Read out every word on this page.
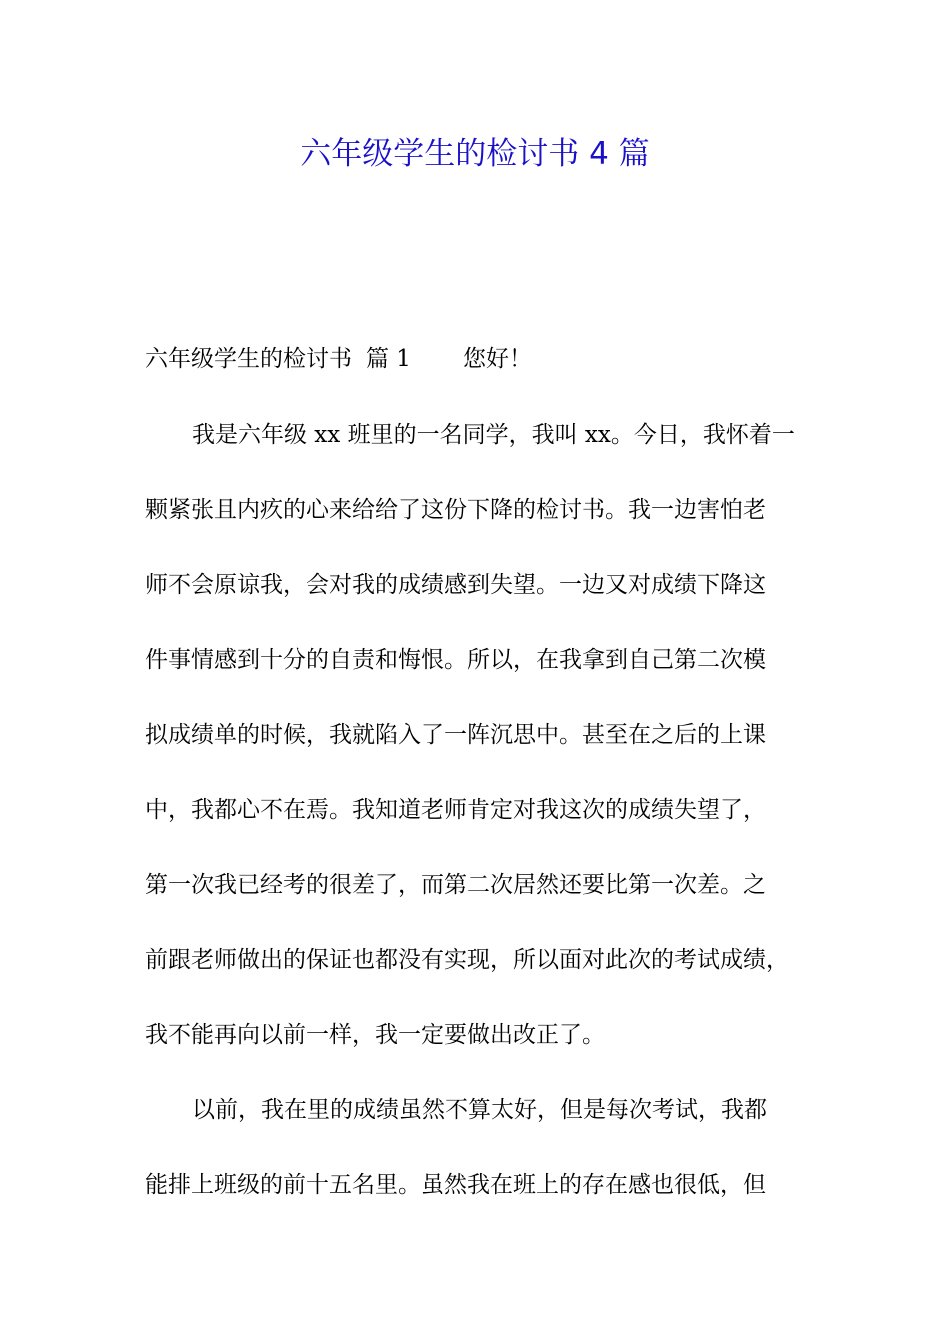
六年级学生的检讨书 4 篇

六年级学生的检讨书 篇 1 您好！

我是六年级 xx 班里的一名同学，我叫 xx。今日，我怀着一

颗紧张且内疚的心来给给了这份下降的检讨书。我一边害怕老

师不会原谅我，会对我的成绩感到失望。一边又对成绩下降这

件事情感到十分的自责和悔恨。所以，在我拿到自己第二次模

拟成绩单的时候，我就陷入了一阵沉思中。甚至在之后的上课

中，我都心不在焉。我知道老师肯定对我这次的成绩失望了，

第一次我已经考的很差了，而第二次居然还要比第一次差。之

前跟老师做出的保证也都没有实现，所以面对此次的考试成绩，

我不能再向以前一样，我一定要做出改正了。

以前，我在里的成绩虽然不算太好，但是每次考试，我都

能排上班级的前十五名里。虽然我在班上的存在感也很低，但
